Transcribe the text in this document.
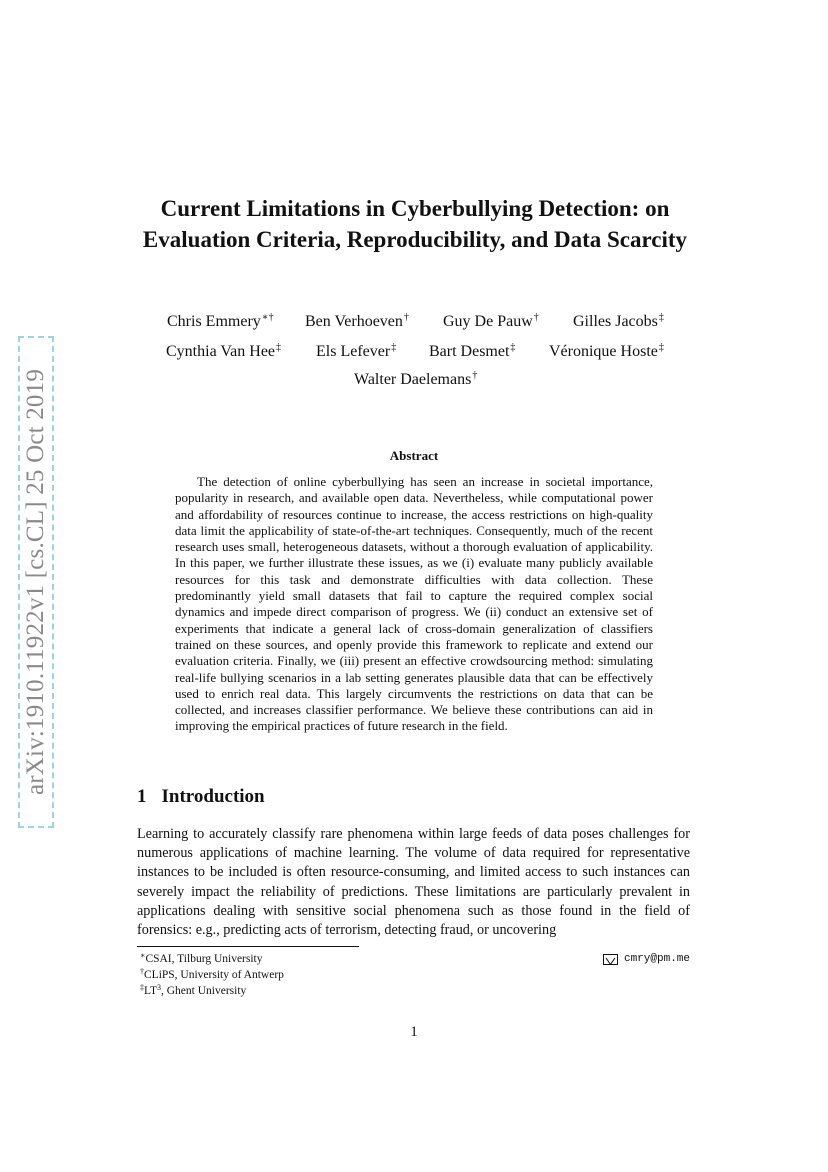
arXiv:1910.11922v1 [cs.CL] 25 Oct 2019
Current Limitations in Cyberbullying Detection: on Evaluation Criteria, Reproducibility, and Data Scarcity
Chris Emmery∗† Ben Verhoeven† Guy De Pauw† Gilles Jacobs‡
Cynthia Van Hee‡ Els Lefever‡ Bart Desmet‡ Véronique Hoste‡
Walter Daelemans†
Abstract

The detection of online cyberbullying has seen an increase in societal importance, popularity in research, and available open data. Nevertheless, while computational power and affordability of resources continue to increase, the access restrictions on high-quality data limit the applicability of state-of-the-art techniques. Consequently, much of the recent research uses small, heterogeneous datasets, without a thorough evaluation of applicability. In this paper, we further illustrate these issues, as we (i) evaluate many publicly available resources for this task and demonstrate difficulties with data collection. These predominantly yield small datasets that fail to capture the required complex social dynamics and impede direct comparison of progress. We (ii) conduct an extensive set of experiments that indicate a general lack of cross-domain generalization of classifiers trained on these sources, and openly provide this framework to replicate and extend our evaluation criteria. Finally, we (iii) present an effective crowdsourcing method: simulating real-life bullying scenarios in a lab setting generates plausible data that can be effectively used to enrich real data. This largely circumvents the restrictions on data that can be collected, and increases classifier performance. We believe these contributions can aid in improving the empirical practices of future research in the field.

1 Introduction

Learning to accurately classify rare phenomena within large feeds of data poses challenges for numerous applications of machine learning. The volume of data required for representative instances to be included is often resource-consuming, and limited access to such instances can severely impact the reliability of predictions. These limitations are particularly prevalent in applications dealing with sensitive social phenomena such as those found in the field of forensics: e.g., predicting acts of terrorism, detecting fraud, or uncovering

∗CSAI, Tilburg University
†CLiPS, University of Antwerp
$^\ddagger LT^3$, Ghent University
cmry@pm.me
1
